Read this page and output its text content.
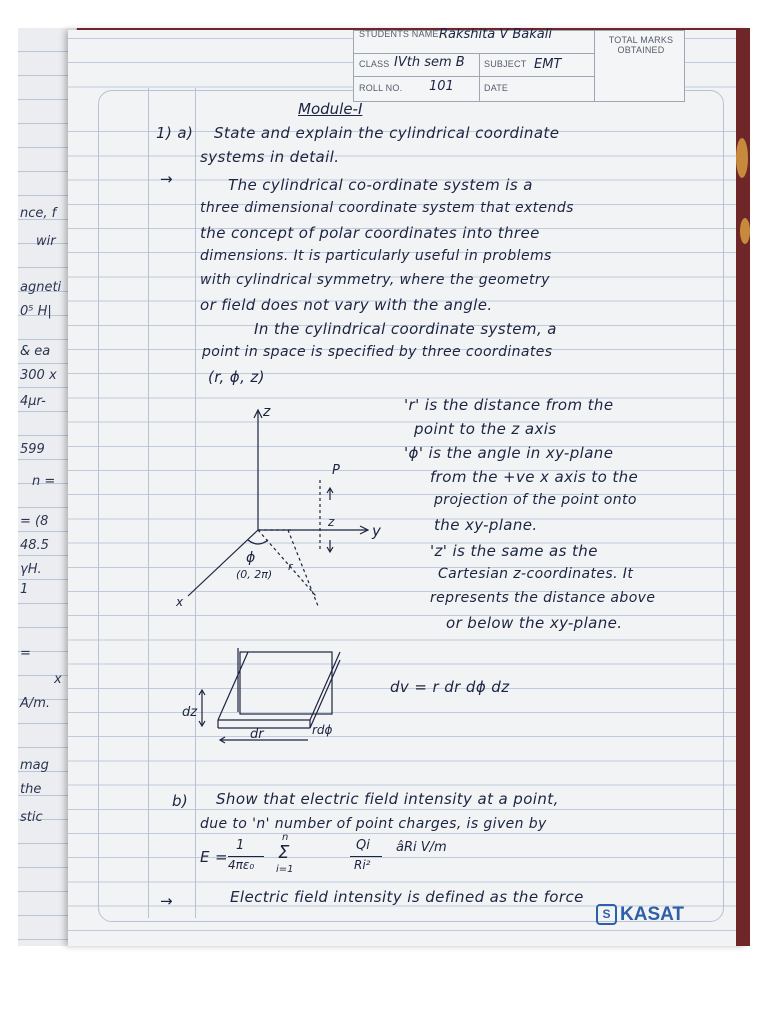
nce, f
wir
agneti
0⁵ H|
& ea
300 x
4μr-
599
n =
= (8
48.5
γH.
1
=
x
A/m.
mag
the
stic
STUDENTS NAME Rakshita V Bakali
CLASS IVth sem B SUBJECT EMT
ROLL NO. 101	DATE
TOTAL MARKS OBTAINED
Module-I
1) a) State and explain the cylindrical coordinate
systems in detail.
→	The cylindrical co-ordinate system is a
three dimensional coordinate system that extends
the concept of polar coordinates into three
dimensions. It is particularly useful in problems
with cylindrical symmetry, where the geometry
or field does not vary with the angle.
In the cylindrical coordinate system, a
point in space is specified by three coordinates
(r, ϕ, z)
'r' is the distance from the
point to the z axis
'ϕ' is the angle in xy-plane
from the +ve x axis to the
projection of the point onto
the xy-plane.
'z' is the same as the
Cartesian z-coordinates. It
represents the distance above
or below the xy-plane.
z
y
x
P
z
ϕ
(0, 2π)
r
dz
dr	rdϕ
dv = r dr dϕ dz
b) Show that electric field intensity at a point,
due to 'n' number of point charges, is given by
E =
1
4πε₀
n
Σ
i=1
Qi
Ri²
âRi V/m
→	Electric field intensity is defined as the force
S KASAT
